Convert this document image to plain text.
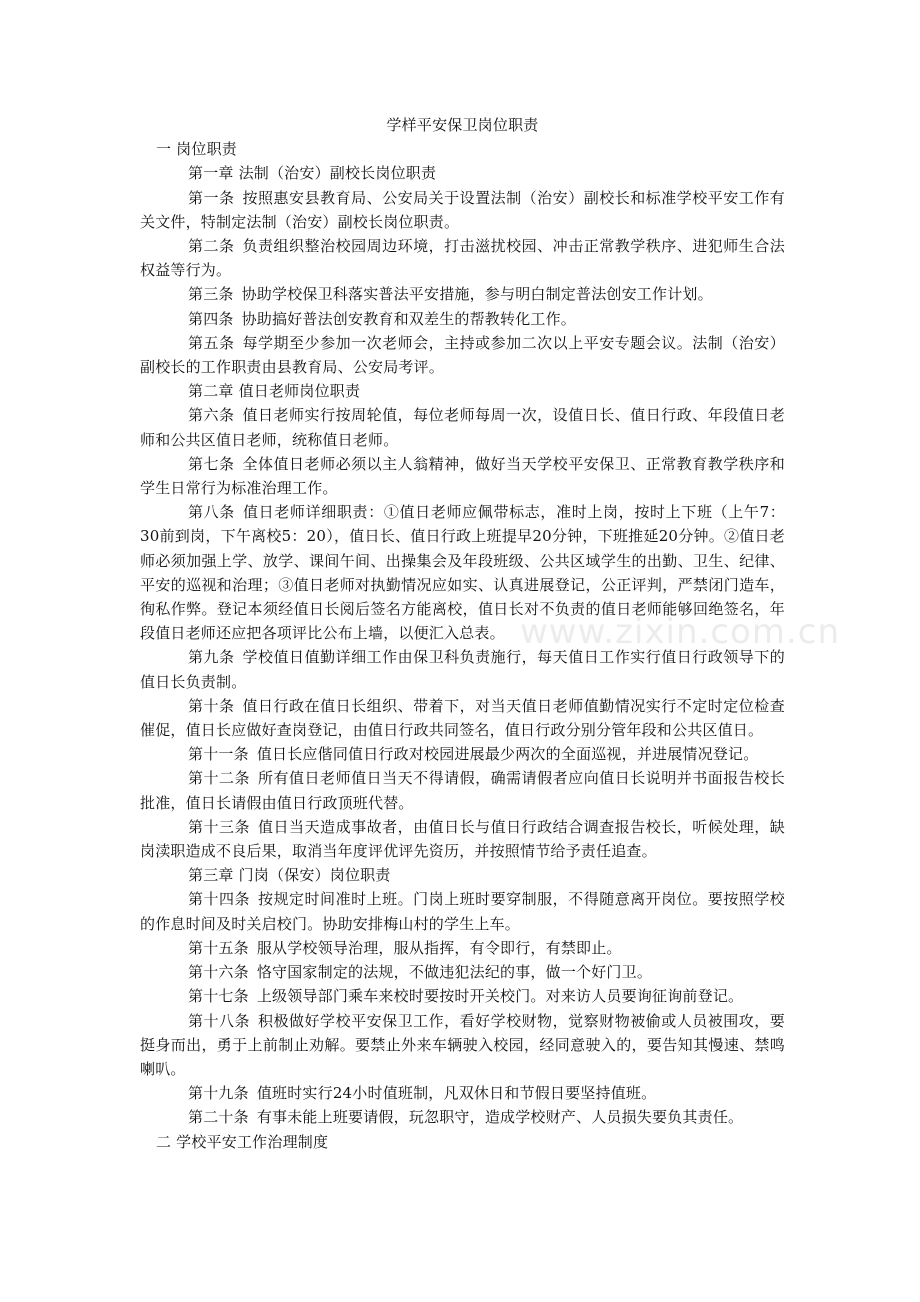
www.zixin.com.cn

学样平安保卫岗位职责

一 岗位职责

第一章 法制（治安）副校长岗位职责

第一条 按照惠安县教育局、公安局关于设置法制（治安）副校长和标准学校平安工作有关文件，特制定法制（治安）副校长岗位职责。

第二条 负责组织整治校园周边环境，打击滋扰校园、冲击正常教学秩序、进犯师生合法权益等行为。

第三条 协助学校保卫科落实普法平安措施，参与明白制定普法创安工作计划。

第四条 协助搞好普法创安教育和双差生的帮教转化工作。

第五条 每学期至少参加一次老师会，主持或参加二次以上平安专题会议。法制（治安）副校长的工作职责由县教育局、公安局考评。

第二章 值日老师岗位职责

第六条 值日老师实行按周轮值，每位老师每周一次，设值日长、值日行政、年段值日老师和公共区值日老师，统称值日老师。

第七条 全体值日老师必须以主人翁精神，做好当天学校平安保卫、正常教育教学秩序和学生日常行为标准治理工作。

第八条 值日老师详细职责：①值日老师应佩带标志，准时上岗，按时上下班（上午7：30前到岗，下午离校5：20），值日长、值日行政上班提早20分钟，下班推延20分钟。②值日老师必须加强上学、放学、课间午间、出操集会及年段班级、公共区域学生的出勤、卫生、纪律、平安的巡视和治理；③值日老师对执勤情况应如实、认真进展登记，公正评判，严禁闭门造车，徇私作弊。登记本须经值日长阅后签名方能离校，值日长对不负责的值日老师能够回绝签名，年段值日老师还应把各项评比公布上墙，以便汇入总表。

第九条 学校值日值勤详细工作由保卫科负责施行，每天值日工作实行值日行政领导下的值日长负责制。

第十条 值日行政在值日长组织、带着下，对当天值日老师值勤情况实行不定时定位检查催促，值日长应做好查岗登记，由值日行政共同签名，值日行政分别分管年段和公共区值日。

第十一条 值日长应偕同值日行政对校园进展最少两次的全面巡视，并进展情况登记。

第十二条 所有值日老师值日当天不得请假，确需请假者应向值日长说明并书面报告校长批准，值日长请假由值日行政顶班代替。

第十三条 值日当天造成事故者，由值日长与值日行政结合调查报告校长，听候处理，缺岗渎职造成不良后果，取消当年度评优评先资历，并按照情节给予责任追查。

第三章 门岗（保安）岗位职责

第十四条 按规定时间准时上班。门岗上班时要穿制服，不得随意离开岗位。要按照学校的作息时间及时关启校门。协助安排梅山村的学生上车。

第十五条 服从学校领导治理，服从指挥，有令即行，有禁即止。

第十六条 恪守国家制定的法规，不做违犯法纪的事，做一个好门卫。

第十七条 上级领导部门乘车来校时要按时开关校门。对来访人员要询征询前登记。

第十八条 积极做好学校平安保卫工作，看好学校财物，觉察财物被偷或人员被围攻，要挺身而出，勇于上前制止劝解。要禁止外来车辆驶入校园，经同意驶入的，要告知其慢速、禁鸣喇叭。

第十九条 值班时实行24小时值班制，凡双休日和节假日要坚持值班。

第二十条 有事未能上班要请假，玩忽职守，造成学校财产、人员损失要负其责任。

二 学校平安工作治理制度
